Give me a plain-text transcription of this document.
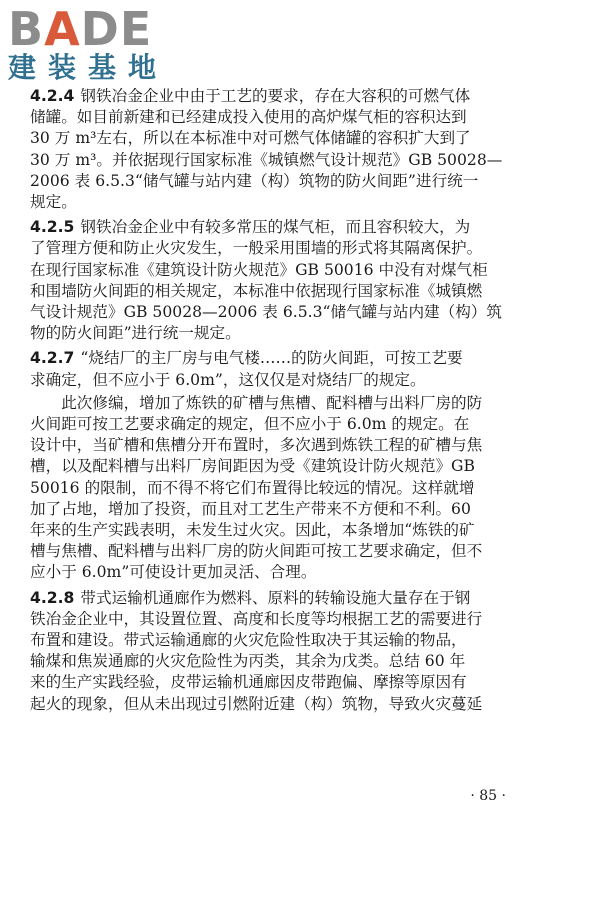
BADE
建装基地
4.2.4 钢铁冶金企业中由于工艺的要求，存在大容积的可燃气体
储罐。如目前新建和已经建成投入使用的高炉煤气柜的容积达到
30 万 m³左右，所以在本标准中对可燃气体储罐的容积扩大到了
30 万 m³。并依据现行国家标准《城镇燃气设计规范》GB 50028—
2006 表 6.5.3“储气罐与站内建（构）筑物的防火间距”进行统一
规定。
4.2.5 钢铁冶金企业中有较多常压的煤气柜，而且容积较大，为
了管理方便和防止火灾发生，一般采用围墙的形式将其隔离保护。
在现行国家标准《建筑设计防火规范》GB 50016 中没有对煤气柜
和围墙防火间距的相关规定，本标准中依据现行国家标准《城镇燃
气设计规范》GB 50028—2006 表 6.5.3“储气罐与站内建（构）筑
物的防火间距”进行统一规定。
4.2.7 “烧结厂的主厂房与电气楼……的防火间距，可按工艺要
求确定，但不应小于 6.0m”，这仅仅是对烧结厂的规定。
此次修编，增加了炼铁的矿槽与焦槽、配料槽与出料厂房的防
火间距可按工艺要求确定的规定，但不应小于 6.0m 的规定。在
设计中，当矿槽和焦槽分开布置时，多次遇到炼铁工程的矿槽与焦
槽，以及配料槽与出料厂房间距因为受《建筑设计防火规范》GB
50016 的限制，而不得不将它们布置得比较远的情况。这样就增
加了占地，增加了投资，而且对工艺生产带来不方便和不利。60
年来的生产实践表明，未发生过火灾。因此，本条增加“炼铁的矿
槽与焦槽、配料槽与出料厂房的防火间距可按工艺要求确定，但不
应小于 6.0m”可使设计更加灵活、合理。
4.2.8 带式运输机通廊作为燃料、原料的转输设施大量存在于钢
铁冶金企业中，其设置位置、高度和长度等均根据工艺的需要进行
布置和建设。带式运输通廊的火灾危险性取决于其运输的物品，
输煤和焦炭通廊的火灾危险性为丙类，其余为戊类。总结 60 年
来的生产实践经验，皮带运输机通廊因皮带跑偏、摩擦等原因有
起火的现象，但从未出现过引燃附近建（构）筑物，导致火灾蔓延
· 85 ·
